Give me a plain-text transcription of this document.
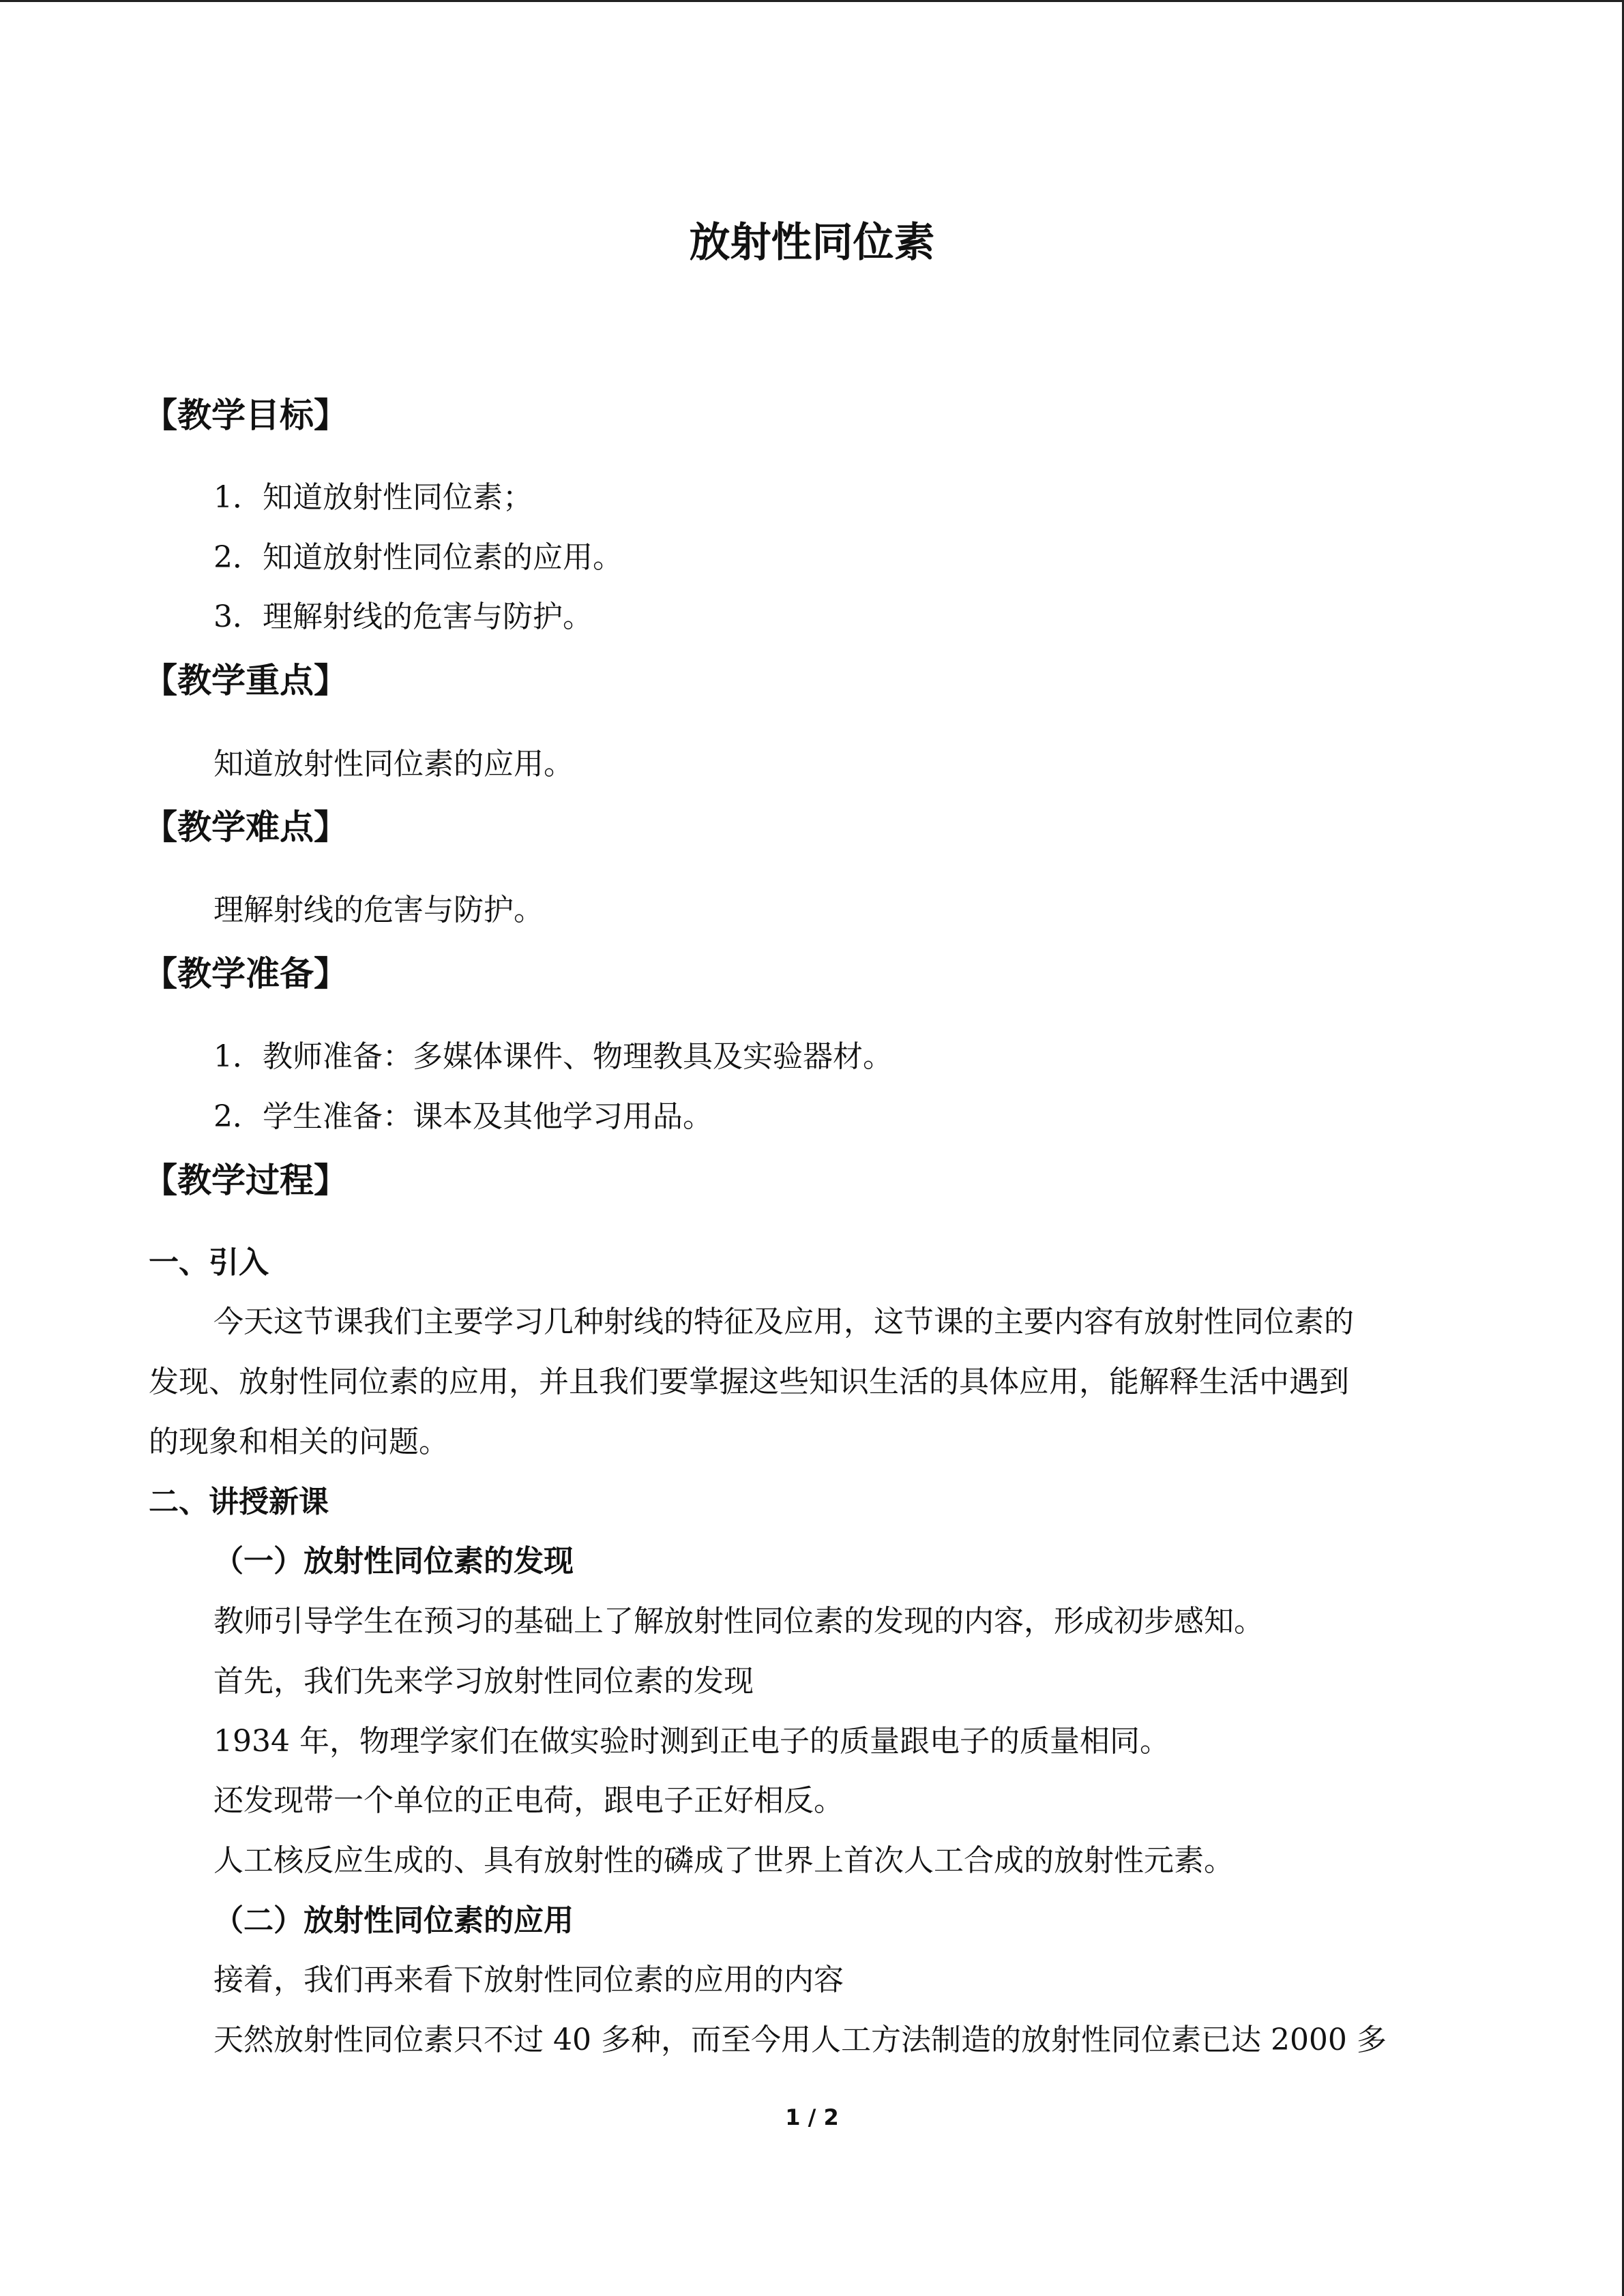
放射性同位素
【教学目标】
1．知道放射性同位素；
2．知道放射性同位素的应用。
3．理解射线的危害与防护。
【教学重点】
知道放射性同位素的应用。
【教学难点】
理解射线的危害与防护。
【教学准备】
1．教师准备：多媒体课件、物理教具及实验器材。
2．学生准备：课本及其他学习用品。
【教学过程】
一、引入
今天这节课我们主要学习几种射线的特征及应用，这节课的主要内容有放射性同位素的
发现、放射性同位素的应用，并且我们要掌握这些知识生活的具体应用，能解释生活中遇到
的现象和相关的问题。
二、讲授新课
（一）放射性同位素的发现
教师引导学生在预习的基础上了解放射性同位素的发现的内容，形成初步感知。
首先，我们先来学习放射性同位素的发现
1934 年，物理学家们在做实验时测到正电子的质量跟电子的质量相同。
还发现带一个单位的正电荷，跟电子正好相反。
人工核反应生成的、具有放射性的磷成了世界上首次人工合成的放射性元素。
（二）放射性同位素的应用
接着，我们再来看下放射性同位素的应用的内容
天然放射性同位素只不过 40 多种，而至今用人工方法制造的放射性同位素已达 2000 多
1 / 2
